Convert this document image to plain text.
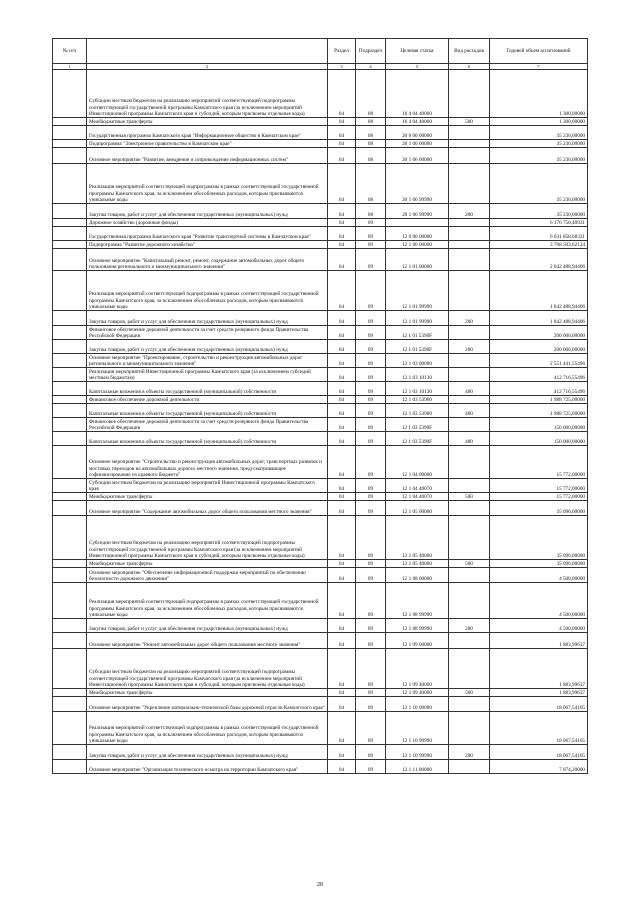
№ п/п		Раздел	Подраздел	Целевая статья	Вид расходов	Годовой объем ассигнований
1	2	3	4	5	6	7
	Субсидии местным бюджетам на реализацию мероприятий соответствующей подпрограммы соответствующей государственной программы Камчатского края (за исключением мероприятий Инвестиционной программы Камчатского края и субсидий, которым присвоены отдельные коды)	04	08	16 4 04 40060		1 300,00000
	Межбюджетные трансферты	04	08	16 4 04 40060	500	1 300,00000
	Государственная программа Камчатского края "Информационное общество в Камчатском крае"	04	08	20 0 00 00000		35 230,00000
	Подпрограмма "Электронное правительство в Камчатском крае"	04	08	20 1 00 00000		35 230,00000
	Основное мероприятие "Развитие, внедрение и сопровождение информационных систем"	04	08	20 1 06 00000		35 230,00000
	Реализация мероприятий соответствующей подпрограммы в рамках соответствующей государственной программы Камчатского края, за исключением обособленных расходов, которым присваиваются уникальные коды	04	08	20 1 06 99990		35 230,00000
	Закупка товаров, работ и услуг для обеспечения государственных (муниципальных) нужд	04	08	20 1 06 99990	200	35 230,00000
	Дорожное хозяйство (дорожные фонды)	04	09			6 176 750,40931
	Государственная программа Камчатского края "Развитие транспортной системы в Камчатском крае"	04	09	12 0 00 00000		6 031 858,68331
	Подпрограмма "Развитие дорожного хозяйства"	04	09	12 1 00 00000		3 768 503,62134
	Основное мероприятие "Капитальный ремонт, ремонт, содержание автомобильных дорог общего пользования регионального и межмуниципального значения"	04	09	12 1 01 00000		2 042 488,94406
	Реализация мероприятий соответствующей подпрограммы в рамках соответствующей государственной программы Камчатского края, за исключением обособленных расходов, которым присваиваются уникальные коды	04	09	12 1 01 99990		1 842 488,94406
	Закупка товаров, работ и услуг для обеспечения государственных (муниципальных) нужд	04	09	12 1 01 99990	200	1 842 488,94406
	Финансовое обеспечение дорожной деятельности за счет средств резервного фонда Правительства Российской Федерации	04	09	12 1 01 5390F		200 000,00000
	Закупка товаров, работ и услуг для обеспечения государственных (муниципальных) нужд	04	09	12 1 01 5390F	200	200 000,00000
	Основное мероприятие "Проектирование, строительство и реконструкция автомобильных дорог регионального и межмуниципального значения"	04	09	12 1 03 00000		2 551 441,55496
	Реализация мероприятий Инвестиционной программы Камчатского края (за исключением субсидий местным бюджетам)	04	09	12 1 03 10130		412 716,55496
	Капитальные вложения в объекты государственной (муниципальной) собственности	04	09	12 1 03 10130	400	412 716,55496
	Финансовое обеспечение дорожной деятельности	04	09	12 1 03 53900		1 988 725,00000
	Капитальные вложения в объекты государственной (муниципальной) собственности	04	09	12 1 03 53900	400	1 988 725,00000
	Финансовое обеспечение дорожной деятельности за счет средств резервного фонда Правительства Российской Федерации	04	09	12 1 03 5390F		150 000,00000
	Капитальные вложения в объекты государственной (муниципальной) собственности	04	09	12 1 03 5390F	400	150 000,00000
	Основное мероприятие "Строительство и реконструкция автомобильных дорог, транспортных развязок и мостовых переходов на автомобильных дорогах местного значения, предусматривающее софинансирование из краевого бюджета"	04	09	12 1 04 00000		15 772,00000
	Субсидии местным бюджетам на реализацию мероприятий Инвестиционной программы Камчатского края	04	09	12 1 04 40070		15 772,00000
	Межбюджетные трансферты	04	09	12 1 04 40070	500	15 772,00000
	Основное мероприятие "Содержание автомобильных дорог общего пользования местного значения"	04	09	12 1 05 00000		35 096,00000
	Субсидии местным бюджетам на реализацию мероприятий соответствующей подпрограммы соответствующей государственной программы Камчатского края (за исключением мероприятий Инвестиционной программы Камчатского края и субсидий, которым присвоены отдельные коды)	04	09	12 1 05 40060		35 096,00000
	Межбюджетные трансферты	04	09	12 1 05 40060	500	35 096,00000
	Основное мероприятие "Обеспечение информационной поддержки мероприятий по обеспечению безопасности дорожного движения"	04	09	12 1 08 00000		4 500,00000
	Реализация мероприятий соответствующей подпрограммы в рамках соответствующей государственной программы Камчатского края, за исключением обособленных расходов, которым присваиваются уникальные коды	04	09	12 1 08 99990		4 500,00000
	Закупка товаров, работ и услуг для обеспечения государственных (муниципальных) нужд	04	09	12 1 08 99990	200	4 500,00000
	Основное мероприятие "Ремонт автомобильных дорог общего пользования местного значения"	04	09	12 1 09 00000		1 883,99637
	Субсидии местным бюджетам на реализацию мероприятий соответствующей подпрограммы соответствующей государственной программы Камчатского края (за исключением мероприятий Инвестиционной программы Камчатского края и субсидий, которым присвоены отдельные коды)	04	09	12 1 09 40060		1 883,99637
	Межбюджетные трансферты	04	09	12 1 09 40060	500	1 883,99637
	Основное мероприятие "Укрепление материально-технической базы дорожной отрасли Камчатского края"	04	09	12 1 10 00000		18 067,54165
	Реализация мероприятий соответствующей подпрограммы в рамках соответствующей государственной программы Камчатского края, за исключением обособленных расходов, которым присваиваются уникальные коды	04	09	12 1 10 99990		18 067,54165
	Закупка товаров, работ и услуг для обеспечения государственных (муниципальных) нужд	04	09	12 1 10 99990	200	18 067,54165
	Основное мероприятие "Организация технического осмотра на территории Камчатского края"	04	09	12 1 11 00000		7 874,20000
28
